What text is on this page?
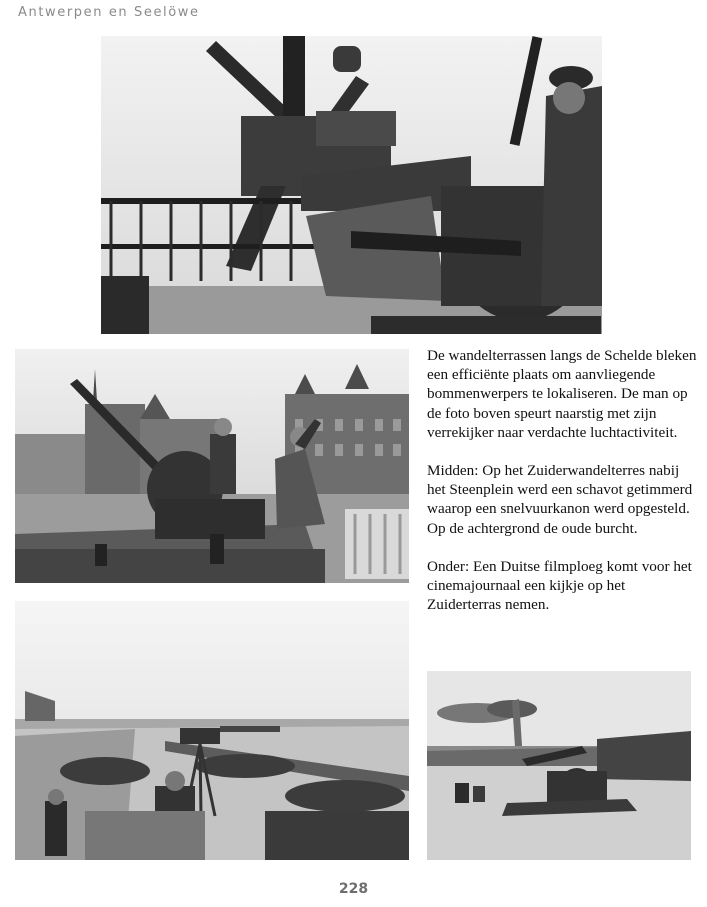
Antwerpen en Seelöwe

De wandelterrassen langs de Schelde bleken een efficiënte plaats om aanvliegende bommenwerpers te lokaliseren. De man op de foto boven speurt naarstig met zijn verrekijker naar verdachte luchtactiviteit.

Midden: Op het Zuiderwandelterres nabij het Steenplein werd een schavot getimmerd waarop een snelvuurkanon werd opgesteld. Op de achtergrond de oude burcht.

Onder: Een Duitse filmploeg komt voor het cinemajournaal een kijkje op het Zuiderterras nemen.

228
